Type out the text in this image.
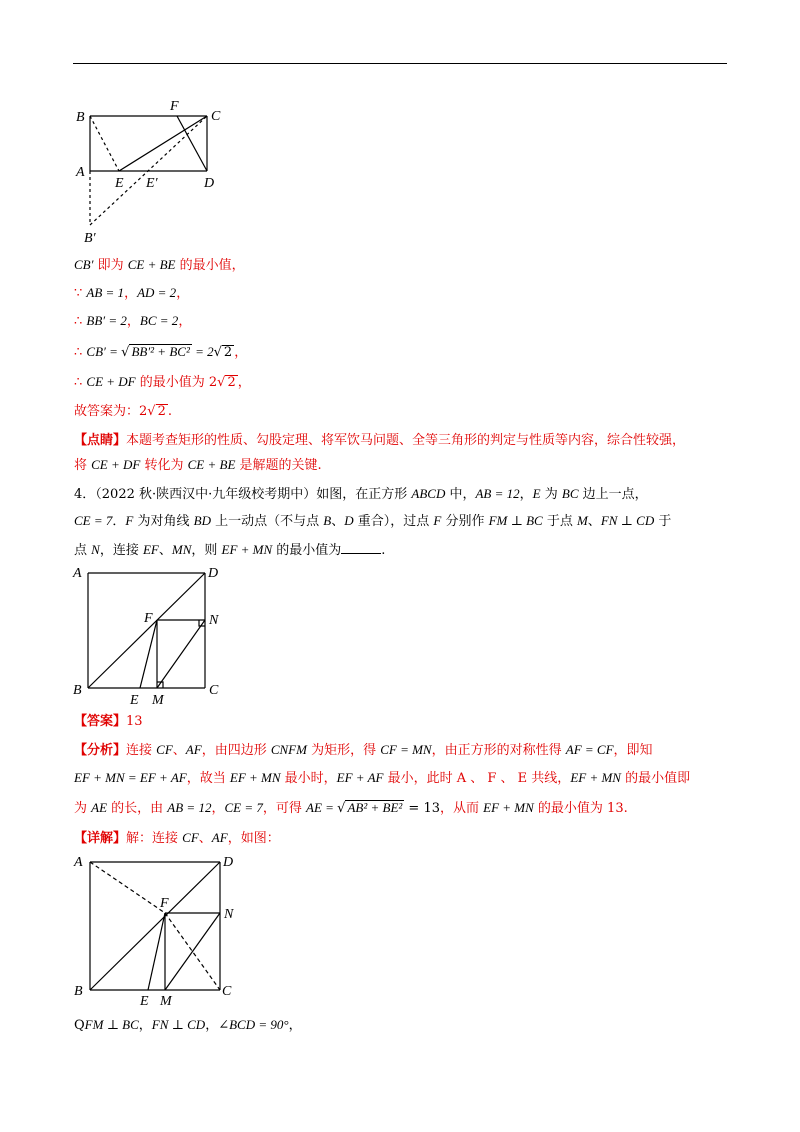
B
F
C
A
E E′	D
B′
CB′ 即为 CE + BE 的最小值，
∵ AB = 1，AD = 2，
∴ BB′ = 2，BC = 2，
∴ CB′ = √ BB′² + BC² = 2√ 2 ，
∴ CE + DF 的最小值为 2√ 2 ，
故答案为：2√ 2 .
【点睛】本题考查矩形的性质、勾股定理、将军饮马问题、全等三角形的判定与性质等内容，综合性较强，
将 CE + DF 转化为 CE + BE 是解题的关键.
4．（2022 秋·陕西汉中·九年级校考期中）如图，在正方形 ABCD 中，AB = 12，E 为 BC 边上一点，
CE = 7．F 为对角线 BD 上一动点（不与点 B、D 重合），过点 F 分别作 FM ⊥ BC 于点 M、FN ⊥ CD 于
点 N，连接 EF、MN，则 EF + MN 的最小值为	.
A	D
F	N
B
E M
C
【答案】13
【分析】连接 CF、AF，由四边形 CNFM 为矩形，得 CF = MN，由正方形的对称性得 AF = CF，即知
EF + MN = EF + AF，故当 EF + MN 最小时，EF + AF 最小，此时 A 、 F 、 E 共线，EF + MN 的最小值即
为 AE 的长，由 AB = 12，CE = 7，可得 AE = √ AB² + BE² = 13，从而 EF + MN 的最小值为 13.
【详解】解：连接 CF、AF，如图：
A	D
F
N
B
E M
C
QFM ⊥ BC，FN ⊥ CD，∠BCD = 90°，
